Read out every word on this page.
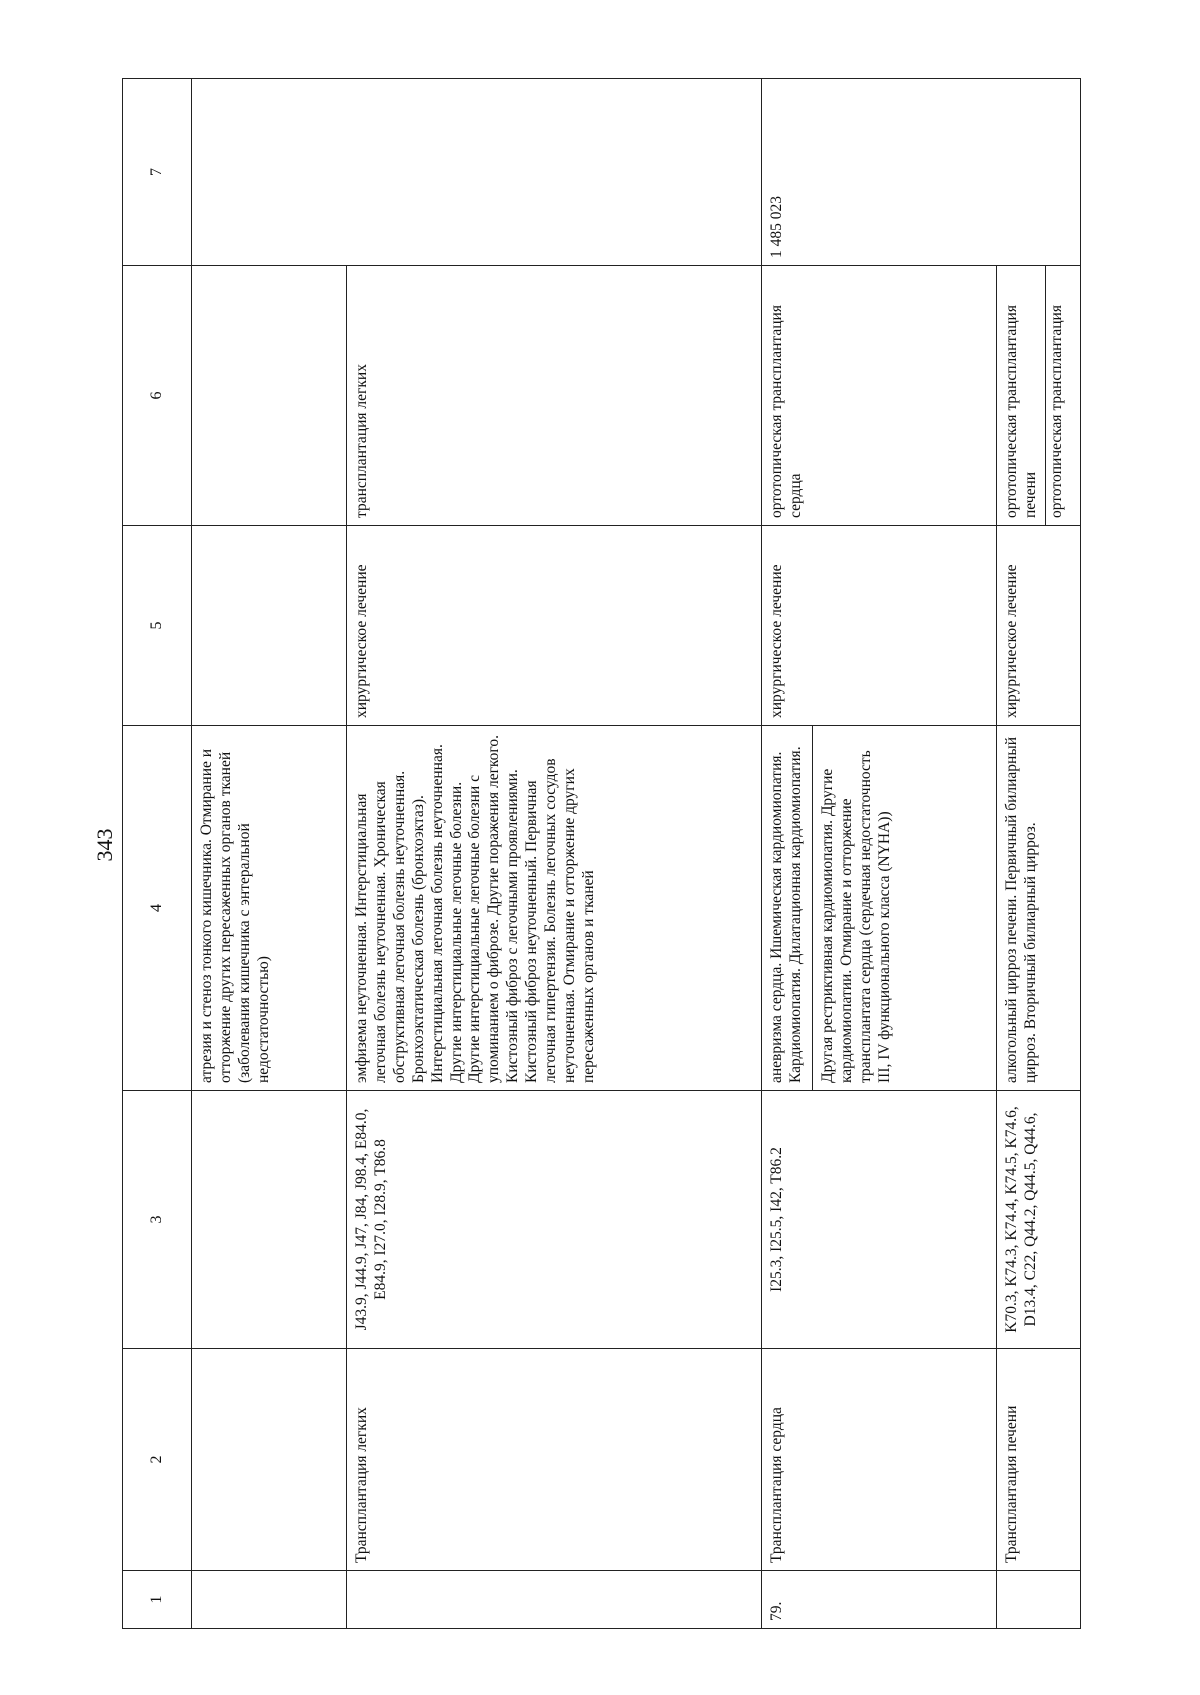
343
1	2	3	4	5	6	7
			атрезия и стеноз тонкого кишечника. Отмирание и отторжение других пересаженных органов тканей (заболевания кишечника с энтеральной недостаточностью)			
	Трансплантация легких	J43.9, J44.9, J47, J84, J98.4, E84.0, E84.9, I27.0, I28.9, T86.8	эмфизема неуточненная. Интерстициальная легочная болезнь неуточненная. Хроническая обструктивная легочная болезнь неуточненная. Бронхоэктатическая болезнь (бронхоэктаз). Интерстициальная легочная болезнь неуточненная. Другие интерстициальные легочные болезни. Другие интерстициальные легочные болезни с упоминанием о фиброзе. Другие поражения легкого. Кистозный фиброз с легочными проявлениями. Кистозный фиброз неуточненный. Первичная легочная гипертензия. Болезнь легочных сосудов неуточненная. Отмирание и отторжение других пересаженных органов и тканей	хирургическое лечение	трансплантация легких	
79.	Трансплантация сердца	I25.3, I25.5, I42, T86.2	аневризма сердца. Ишемическая кардиомиопатия. Кардиомиопатия. Дилатационная кардиомиопатия. Другая рестриктивная кардиомиопатия. Другие кардиомиопатии. Отмирание и отторжение трансплантата сердца (сердечная недостаточность III, IV функционального класса (NYHA))	хирургическое лечение	ортотопическая трансплантация сердца	1 485 023
	Трансплантация печени	K70.3, K74.3, K74.4, K74.5, K74.6, D13.4, C22, Q44.2, Q44.5, Q44.6,	алкогольный цирроз печени. Первичный билиарный цирроз. Вторичный билиарный цирроз.	хирургическое лечение	ортотопическая трансплантация печени ортотопическая трансплантация	
